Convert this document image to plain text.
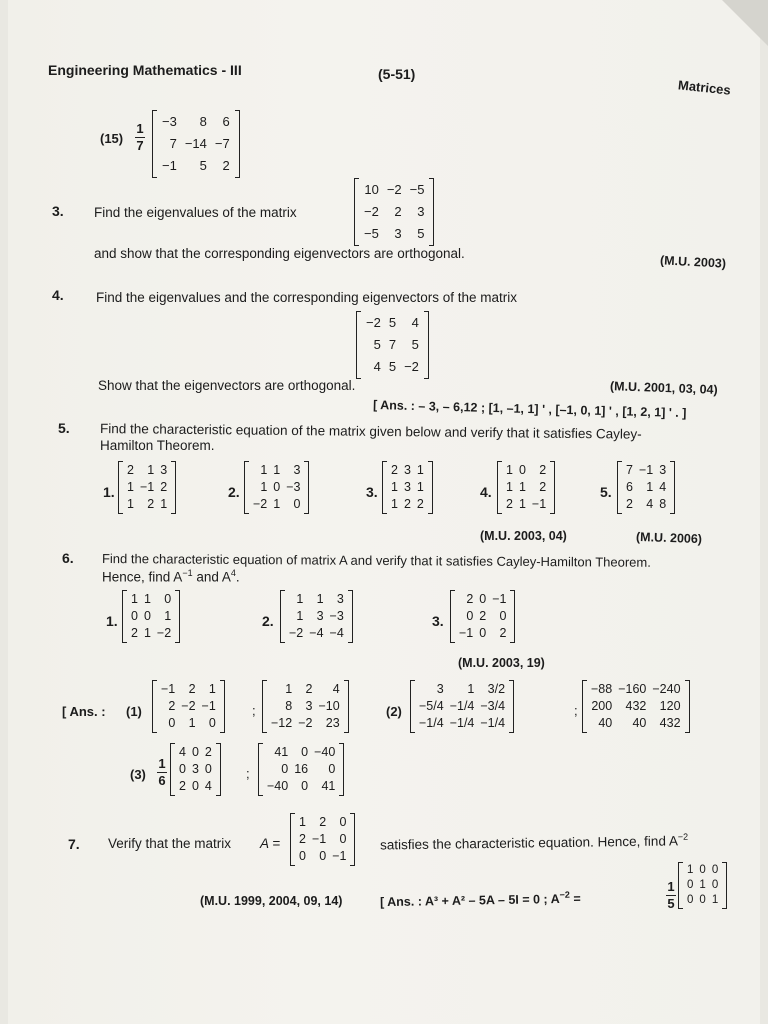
Engineering Mathematics - III	(5-51)
Matrices
(15)
1
7
−3	8	6
7	−14	−7
−1	5	2
3. Find the eigenvalues of the matrix
10	−2	−5
−2	2	3
−5	3	5
and show that the corresponding eigenvectors are orthogonal.	(M.U. 2003)
4. Find the eigenvalues and the corresponding eigenvectors of the matrix
−2	5	4
5	7	5
4	5	−2
Show that the eigenvectors are orthogonal.	(M.U. 2001, 03, 04)
[ Ans. : – 3, – 6,12 ; [1, –1, 1] ' , [–1, 0, 1] ' , [1, 2, 1] ' . ]
5. Find the characteristic equation of the matrix given below and verify that it satisfies Cayley-
Hamilton Theorem.
1.
2	1	3
1	−1	2
1	2	1
2.
1	1	3
1	0	−3
−2	1	0
3.
2	3	1
1	3	1
1	2	2
4.
1	0	2
1	1	2
2	1	−1
5.
7	−1	3
6	1	4
2	4	8
(M.U. 2003, 04)	(M.U. 2006)
6. Find the characteristic equation of matrix A and verify that it satisfies Cayley-Hamilton Theorem.
Hence, find $A^{-1}$ and $A^4$.
1.
1	1	0
0	0	1
2	1	−2
2.
1	1	3
1	3	−3
−2	−4	−4
3.
2	0	−1
0	2	0
−1	0	2
(M.U. 2003, 19)
[ Ans. : (1)
−1	2	1
2	−2	−1
0	1	0
;
1	2	4
8	3	−10
−12	−2	23
(2)
3	1	3/2
−5/4	−1/4	−3/4
−1/4	−1/4	−1/4
;
−88	−160	−240
200	432	120
40	40	432
(3)
1
6
4	0	2
0	3	0
2	0	4
;
41	0	−40
0	16	0
−40	0	41
7. Verify that the matrix A =
1	2	0
2	−1	0
0	0	−1
satisfies the characteristic equation. Hence, find $A^{-2}$
(M.U. 1999, 2004, 09, 14)	[ Ans. : A³ + A² – 5A – 5I = 0 ; $A^{-2}$ =
1
5
1	0	0
0	1	0
0	0	1
